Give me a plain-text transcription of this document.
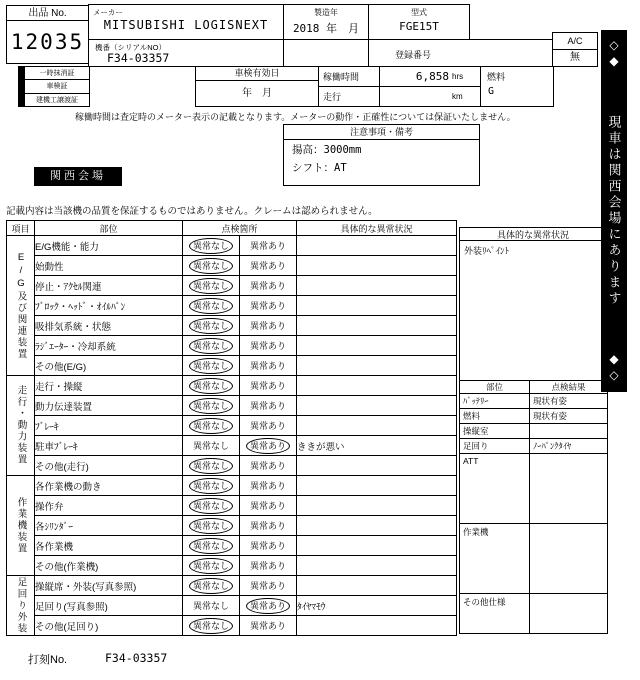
出品 No.
12035
メーカー
MITSUBISHI LOGISNEXT
製造年
2018 年　月
型式
FGE15T
機番（シリアルNO）
F34-03357	登録番号
A/C
無
一時抹消証
車検証
建機工譲渡証
車検有効日
年　月
稼働時間	6,858 hrs
走行	km
燃料
G
稼働時間は査定時のメーター表示の記載となります。メーターの動作・正確性については保証いたしません。
注意事項・備考
揚高：3000mm
シフト：AT
関西会場
記載内容は当該機の品質を保証するものではありません。クレームは認められません。
項目	部位	点検箇所		具体的な異常状況
E/G及び関連装置	E/G機能・能力	異常なし	異常あり	
	始動性	異常なし	異常あり	
	停止・ｱｸｾﾙ関連	異常なし	異常あり	
	ﾌﾞﾛｯｸ・ﾍｯﾄﾞ・ｵｲﾙﾊﾟﾝ	異常なし	異常あり	
	吸排気系統・状態	異常なし	異常あり	
	ﾗｼﾞｴｰﾀｰ・冷却系統	異常なし	異常あり	
	その他(E/G)	異常なし	異常あり	
走行・動力装置	走行・操縦	異常なし	異常あり	
	動力伝達装置	異常なし	異常あり	
	ﾌﾞﾚｰｷ	異常なし	異常あり	
	駐車ﾌﾞﾚｰｷ	異常なし	異常あり	ききが悪い
	その他(走行)	異常なし	異常あり	
作業機装置	各作業機の動き	異常なし	異常あり	
	操作弁	異常なし	異常あり	
	各ｼﾘﾝﾀﾞｰ	異常なし	異常あり	
	各作業機	異常なし	異常あり	
	その他(作業機)	異常なし	異常あり	
足回り外装	操縦席・外装(写真参照)	異常なし	異常あり	
	足回り(写真参照)	異常なし	異常あり	ﾀｲﾔﾏﾓｳ
	その他(足回り)	異常なし	異常あり	
具体的な異常状況
外装ﾘﾍﾟｲﾝﾄ
部位	点検結果
ﾊﾞｯﾃﾘｰ	現状有姿
燃料	現状有姿
操縦室	
足回り	ﾉｰﾊﾟﾝｸﾀｲﾔ
ATT	
作業機	
その他仕様	
◇◆
現車は関西会場にあります
◆◇
打刻No.	F34-03357
